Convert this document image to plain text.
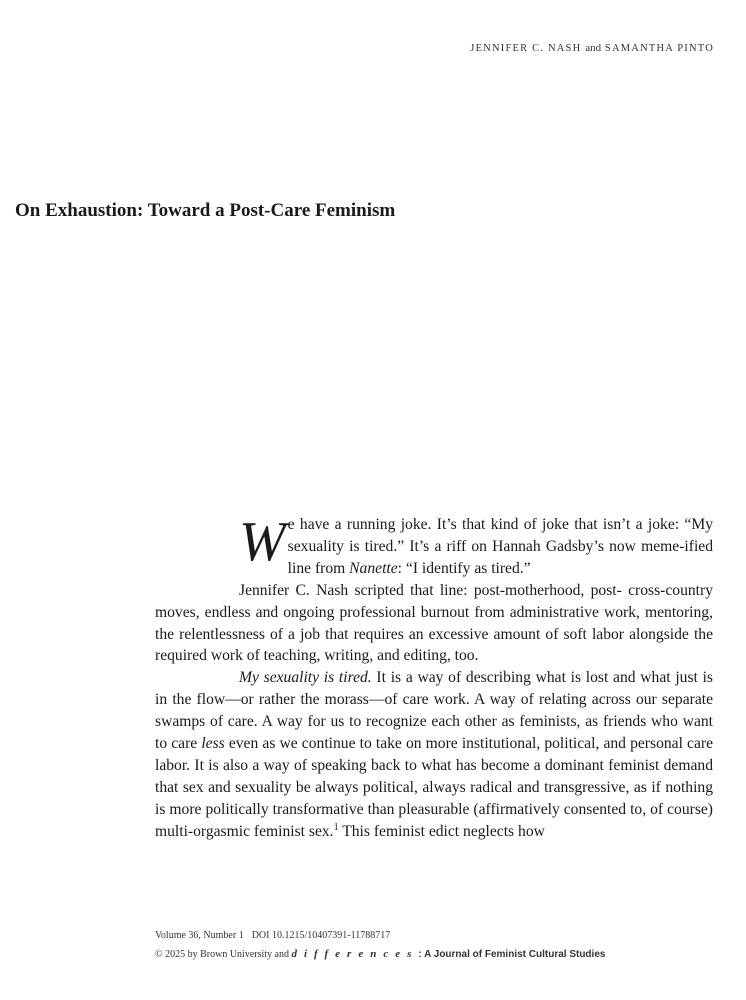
JENNIFER C. NASH and SAMANTHA PINTO
On Exhaustion: Toward a Post-Care Feminism

We have a running joke. It’s that kind of joke that isn’t a joke: “My sexuality is tired.” It’s a riff on Hannah Gadsby’s now meme-ified line from Nanette: “I identify as tired.”

Jennifer C. Nash scripted that line: post-motherhood, post- cross-country moves, endless and ongoing professional burnout from administrative work, mentoring, the relentlessness of a job that requires an excessive amount of soft labor alongside the required work of teaching, writing, and editing, too.

My sexuality is tired. It is a way of describing what is lost and what just is in the flow—or rather the morass—of care work. A way of relating across our separate swamps of care. A way for us to recognize each other as feminists, as friends who want to care less even as we continue to take on more institutional, political, and personal care labor. It is also a way of speaking back to what has become a dominant feminist demand that sex and sexuality be always political, always radical and transgressive, as if nothing is more politically transformative than pleasurable (affirmatively consented to, of course) multi-orgasmic feminist sex.$^1$ This feminist edict neglects how

Volume 36, Number 1 DOI 10.1215/10407391-11788717
© 2025 by Brown University and differences: A Journal of Feminist Cultural Studies
